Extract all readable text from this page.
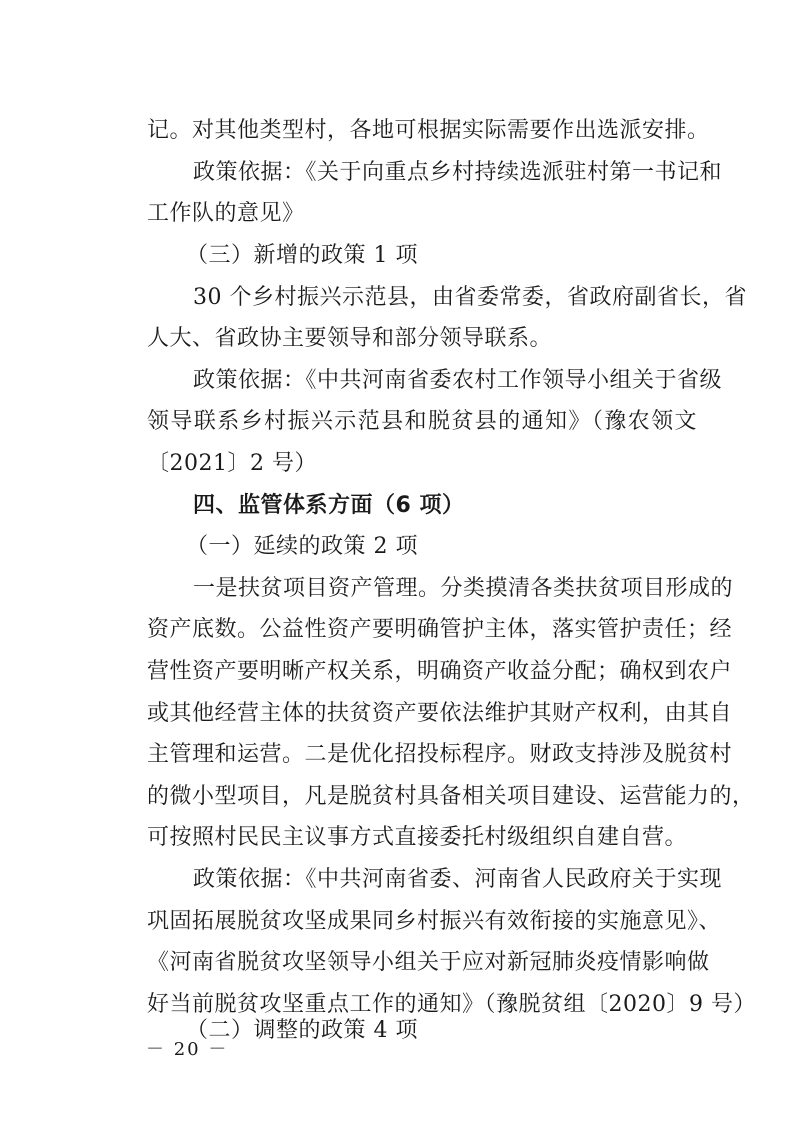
记。对其他类型村，各地可根据实际需要作出选派安排。
政策依据：《关于向重点乡村持续选派驻村第一书记和
工作队的意见》
（三）新增的政策 1 项
30 个乡村振兴示范县，由省委常委，省政府副省长，省
人大、省政协主要领导和部分领导联系。
政策依据：《中共河南省委农村工作领导小组关于省级
领导联系乡村振兴示范县和脱贫县的通知》（豫农领文
〔2021〕2 号）
四、监管体系方面（6 项）
（一）延续的政策 2 项
一是扶贫项目资产管理。分类摸清各类扶贫项目形成的
资产底数。公益性资产要明确管护主体，落实管护责任；经
营性资产要明晰产权关系，明确资产收益分配；确权到农户
或其他经营主体的扶贫资产要依法维护其财产权利，由其自
主管理和运营。二是优化招投标程序。财政支持涉及脱贫村
的微小型项目，凡是脱贫村具备相关项目建设、运营能力的，
可按照村民民主议事方式直接委托村级组织自建自营。
政策依据：《中共河南省委、河南省人民政府关于实现
巩固拓展脱贫攻坚成果同乡村振兴有效衔接的实施意见》、
《河南省脱贫攻坚领导小组关于应对新冠肺炎疫情影响做
好当前脱贫攻坚重点工作的通知》（豫脱贫组〔2020〕9 号）
（二）调整的政策 4 项
－ 20 －
